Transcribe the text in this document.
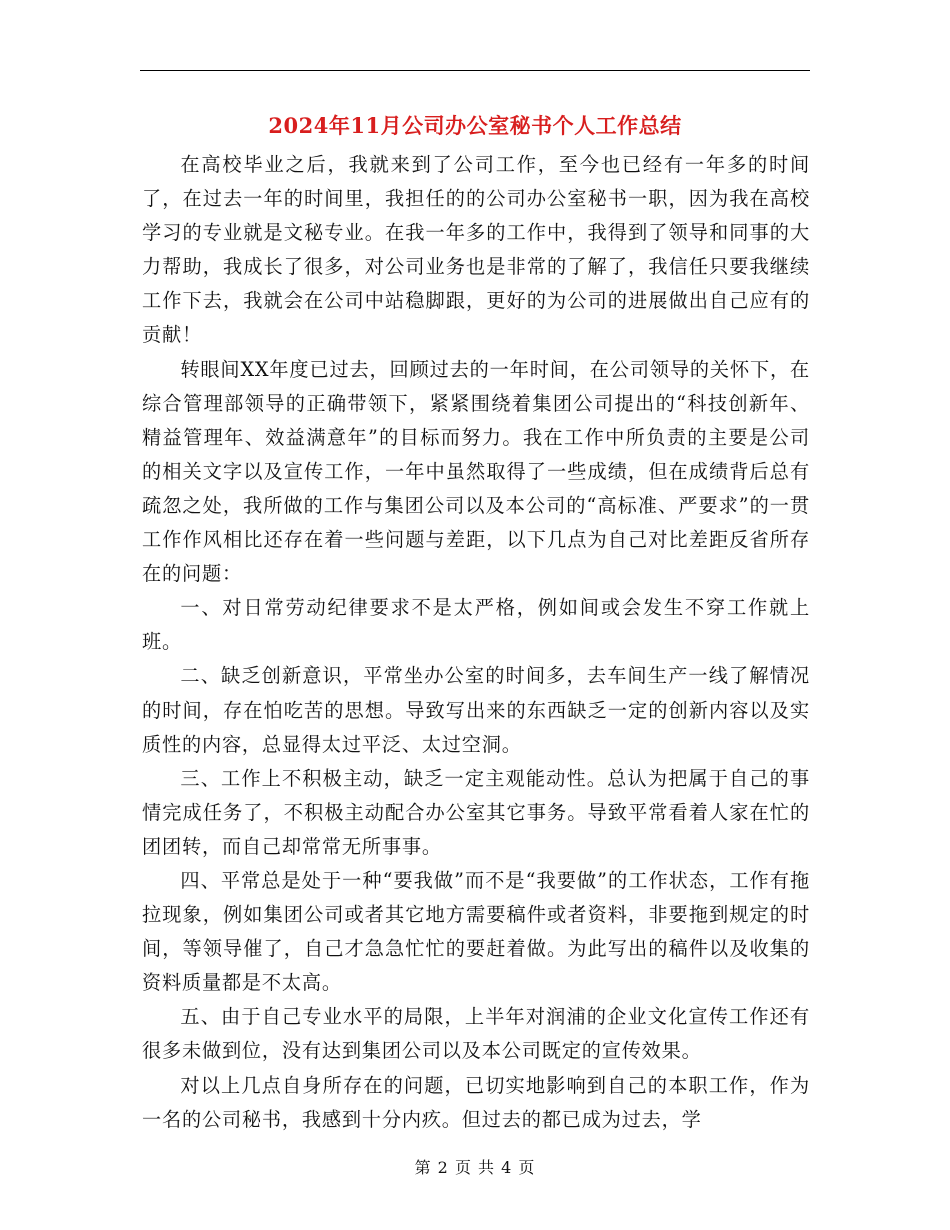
2024年11月公司办公室秘书个人工作总结

在高校毕业之后，我就来到了公司工作，至今也已经有一年多的时间了，在过去一年的时间里，我担任的的公司办公室秘书一职，因为我在高校学习的专业就是文秘专业。在我一年多的工作中，我得到了领导和同事的大力帮助，我成长了很多，对公司业务也是非常的了解了，我信任只要我继续工作下去，我就会在公司中站稳脚跟，更好的为公司的进展做出自己应有的贡献！

转眼间XX年度已过去，回顾过去的一年时间，在公司领导的关怀下，在综合管理部领导的正确带领下，紧紧围绕着集团公司提出的“科技创新年、精益管理年、效益满意年”的目标而努力。我在工作中所负责的主要是公司的相关文字以及宣传工作，一年中虽然取得了一些成绩，但在成绩背后总有疏忽之处，我所做的工作与集团公司以及本公司的“高标准、严要求”的一贯工作作风相比还存在着一些问题与差距，以下几点为自己对比差距反省所存在的问题：

一、对日常劳动纪律要求不是太严格，例如间或会发生不穿工作就上班。

二、缺乏创新意识，平常坐办公室的时间多，去车间生产一线了解情况的时间，存在怕吃苦的思想。导致写出来的东西缺乏一定的创新内容以及实质性的内容，总显得太过平泛、太过空洞。

三、工作上不积极主动，缺乏一定主观能动性。总认为把属于自己的事情完成任务了，不积极主动配合办公室其它事务。导致平常看着人家在忙的团团转，而自己却常常无所事事。

四、平常总是处于一种“要我做”而不是“我要做”的工作状态，工作有拖拉现象，例如集团公司或者其它地方需要稿件或者资料，非要拖到规定的时间，等领导催了，自己才急急忙忙的要赶着做。为此写出的稿件以及收集的资料质量都是不太高。

五、由于自己专业水平的局限，上半年对润浦的企业文化宣传工作还有很多未做到位，没有达到集团公司以及本公司既定的宣传效果。

对以上几点自身所存在的问题，已切实地影响到自己的本职工作，作为一名的公司秘书，我感到十分内疚。但过去的都已成为过去，学

第 2 页 共 4 页
